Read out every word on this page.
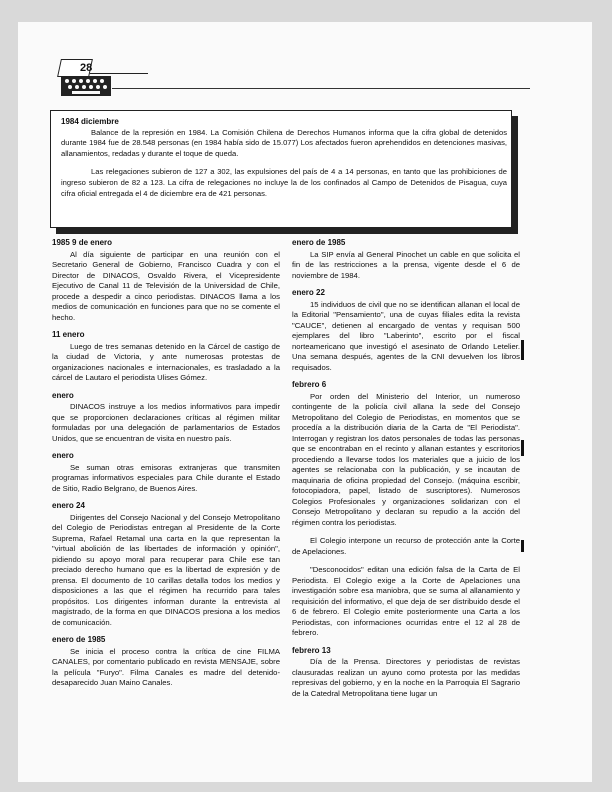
28
1984 diciembre

Balance de la represión en 1984. La Comisión Chilena de Derechos Humanos informa que la cifra global de detenidos durante 1984 fue de 28.548 personas (en 1984 había sido de 15.077) Los afectados fueron aprehendidos en detenciones masivas, allanamientos, redadas y durante el toque de queda.

Las relegaciones subieron de 127 a 302, las expulsiones del país de 4 a 14 personas, en tanto que las prohibiciones de ingreso subieron de 82 a 123. La cifra de relegaciones no incluye la de los confinados al Campo de Detenidos de Pisagua, cuya cifra oficial entregada el 4 de diciembre era de 421 personas.

1985 9 de enero

Al día siguiente de participar en una reunión con el Secretario General de Gobierno, Francisco Cuadra y con el Director de DINACOS, Osvaldo Rivera, el Vicepresidente Ejecutivo de Canal 11 de Televisión de la Universidad de Chile, procede a despedir a cinco periodistas. DINACOS llama a los medios de comunicación en funciones para que no se comente el hecho.

11 enero

Luego de tres semanas detenido en la Cárcel de castigo de la ciudad de Victoria, y ante numerosas protestas de organizaciones nacionales e internacionales, es trasladado a la cárcel de Lautaro el periodista Ulises Gómez.

enero

DINACOS instruye a los medios informativos para impedir que se proporcionen declaraciones críticas al régimen militar formuladas por una delegación de parlamentarios de Estados Unidos, que se encuentran de visita en nuestro país.

enero

Se suman otras emisoras extranjeras que transmiten programas informativos especiales para Chile durante el Estado de Sitio, Radio Belgrano, de Buenos Aires.

enero 24

Dirigentes del Consejo Nacional y del Consejo Metropolitano del Colegio de Periodistas entregan al Presidente de la Corte Suprema, Rafael Retamal una carta en la que representan la "virtual abolición de las libertades de información y opinión", pidiendo su apoyo moral para recuperar para Chile ese tan preciado derecho humano que es la libertad de expresión y de prensa. El documento de 10 carillas detalla todos los medios y disposiciones a las que el régimen ha recurrido para tales propósitos. Los dirigentes informan durante la entrevista al magistrado, de la forma en que DINACOS presiona a los medios de comunicación.

enero de 1985

Se inicia el proceso contra la crítica de cine FILMA CANALES, por comentario publicado en revista MENSAJE, sobre la película "Furyo". Filma Canales es madre del detenido-desaparecido Juan Maino Canales.

enero de 1985

La SIP envía al General Pinochet un cable en que solicita el fin de las restricciones a la prensa, vigente desde el 6 de noviembre de 1984.

enero 22

15 individuos de civil que no se identifican allanan el local de la Editorial "Pensamiento", una de cuyas filiales edita la revista "CAUCE", detienen al encargado de ventas y requisan 500 ejemplares del libro "Laberinto", escrito por el fiscal norteamericano que investigó el asesinato de Orlando Letelier. Una semana después, agentes de la CNI devuelven los libros requisados.

febrero 6

Por orden del Ministerio del Interior, un numeroso contingente de la policía civil allana la sede del Consejo Metropolitano del Colegio de Periodistas, en momentos que se procedía a la distribución diaria de la Carta de "El Periodista". Interrogan y registran los datos personales de todas las personas que se encontraban en el recinto y allanan estantes y escritorios procediendo a llevarse todos los materiales que a juicio de los agentes se relacionaba con la publicación, y se incautan de maquinaria de oficina propiedad del Consejo. (máquina escribir, fotocopiadora, papel, listado de suscriptores). Numerosos Colegios Profesionales y organizaciones solidarizan con el Consejo Metropolitano y declaran su repudio a la acción del régimen contra los periodistas.

El Colegio interpone un recurso de protección ante la Corte de Apelaciones.

"Desconocidos" editan una edición falsa de la Carta de El Periodista. El Colegio exige a la Corte de Apelaciones una investigación sobre esa maniobra, que se suma al allanamiento y requisición del informativo, el que deja de ser distribuido desde el 6 de febrero. El Colegio emite posteriormente una Carta a los Periodistas, con informaciones ocurridas entre el 12 al 28 de febrero.

febrero 13

Día de la Prensa. Directores y periodistas de revistas clausuradas realizan un ayuno como protesta por las medidas represivas del gobierno, y en la noche en la Parroquia El Sagrario de la Catedral Metropolitana tiene lugar un
